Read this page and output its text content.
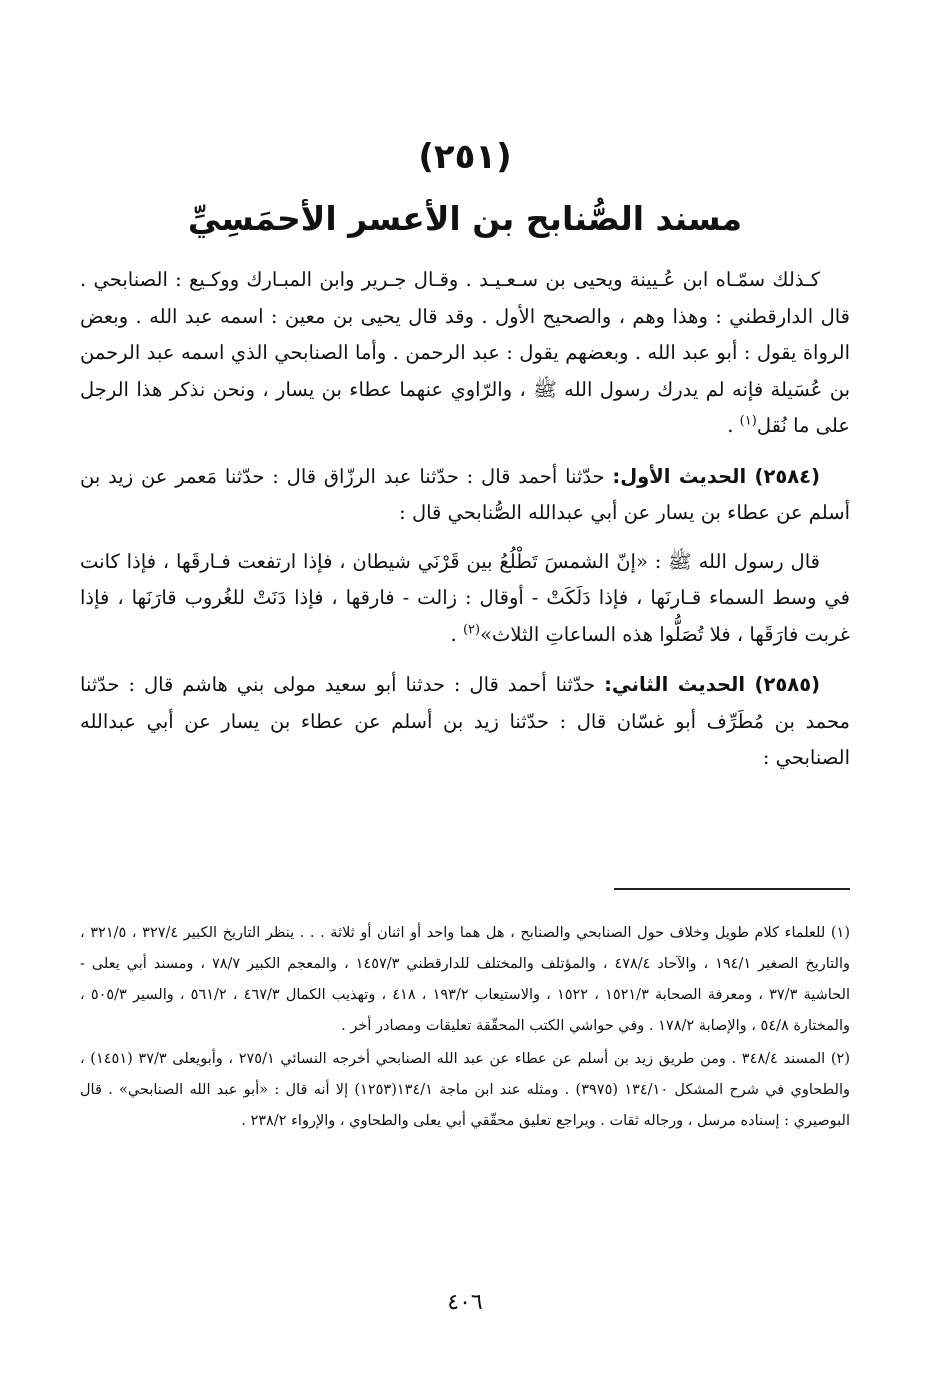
(٢٥١)
مسند الصُّنابح بن الأعسر الأحمَسِيِّ

كـذلك سمّـاه ابن عُـيينة ويحيى بن سـعـيـد . وقـال جـرير وابن المبـارك ووكـيع : الصنابحي . قال الدارقطني : وهذا وهم ، والصحيح الأول . وقد قال يحيى بن معين : اسمه عبد الله . وبعض الرواة يقول : أبو عبد الله . وبعضهم يقول : عبد الرحمن . وأما الصنابحي الذي اسمه عبد الرحمن بن عُسَيلة فإنه لم يدرك رسول الله ﷺ ، والرّاوي عنهما عطاء بن يسار ، ونحن نذكر هذا الرجل على ما نُقل$^{(١)}$ .

(٢٥٨٤) الحديث الأول: حدّثنا أحمد قال : حدّثنا عبد الرزّاق قال : حدّثنا مَعمر عن زيد بن أسلم عن عطاء بن يسار عن أبي عبدالله الصُّنابحي قال :

قال رسول الله ﷺ : «إنّ الشمسَ تَطْلُعُ بين قَرْنَي شيطان ، فإذا ارتفعت فـارقَها ، فإذا كانت في وسط السماء قـارنَها ، فإذا دَلَكَتْ - أوقال : زالت - فارقها ، فإذا دَنَتْ للغُروب قارَنَها ، فإذا غربت فارَقَها ، فلا تُصَلُّوا هذه الساعاتِ الثلاث»$^{(٢)}$ .

(٢٥٨٥) الحديث الثاني: حدّثنا أحمد قال : حدثنا أبو سعيد مولى بني هاشم قال : حدّثنا محمد بن مُطَرِّف أبو غسّان قال : حدّثنا زيد بن أسلم عن عطاء بن يسار عن أبي عبدالله الصنابحي :

(١) للعلماء كلام طويل وخلاف حول الصنابحي والصنابح ، هل هما واحد أو اثنان أو ثلاثة . . . ينظر التاريخ الكبير ٣٢٧/٤ ، ٣٢١/٥ ، والتاريخ الصغير ١٩٤/١ ، والآحاد ٤٧٨/٤ ، والمؤتلف والمختلف للدارقطني ١٤٥٧/٣ ، والمعجم الكبير ٧٨/٧ ، ومسند أبي يعلى - الحاشية ٣٧/٣ ، ومعرفة الصحابة ١٥٢١/٣ ، ١٥٢٢ ، والاستيعاب ١٩٣/٢ ، ٤١٨ ، وتهذيب الكمال ٤٦٧/٣ ، ٥٦١/٢ ، والسير ٥٠٥/٣ ، والمختارة ٥٤/٨ ، والإصابة ١٧٨/٢ . وفي حواشي الكتب المحقّقة تعليقات ومصادر أخر .

(٢) المسند ٣٤٨/٤ . ومن طريق زيد بن أسلم عن عطاء عن عبد الله الصنابحي أخرجه النسائي ٢٧٥/١ ، وأبويعلى ٣٧/٣ (١٤٥١) ، والطحاوي في شرح المشكل ١٣٤/١٠ (٣٩٧٥) . ومثله عند ابن ماجة ١٣٤/١(١٢٥٣) إلا أنه قال : «أبو عبد الله الصنابحي» . قال البوصيري : إسناده مرسل ، ورجاله ثقات . ويراجع تعليق محقّقي أبي يعلى والطحاوي ، والإرواء ٢٣٨/٢ .

٤٠٦
